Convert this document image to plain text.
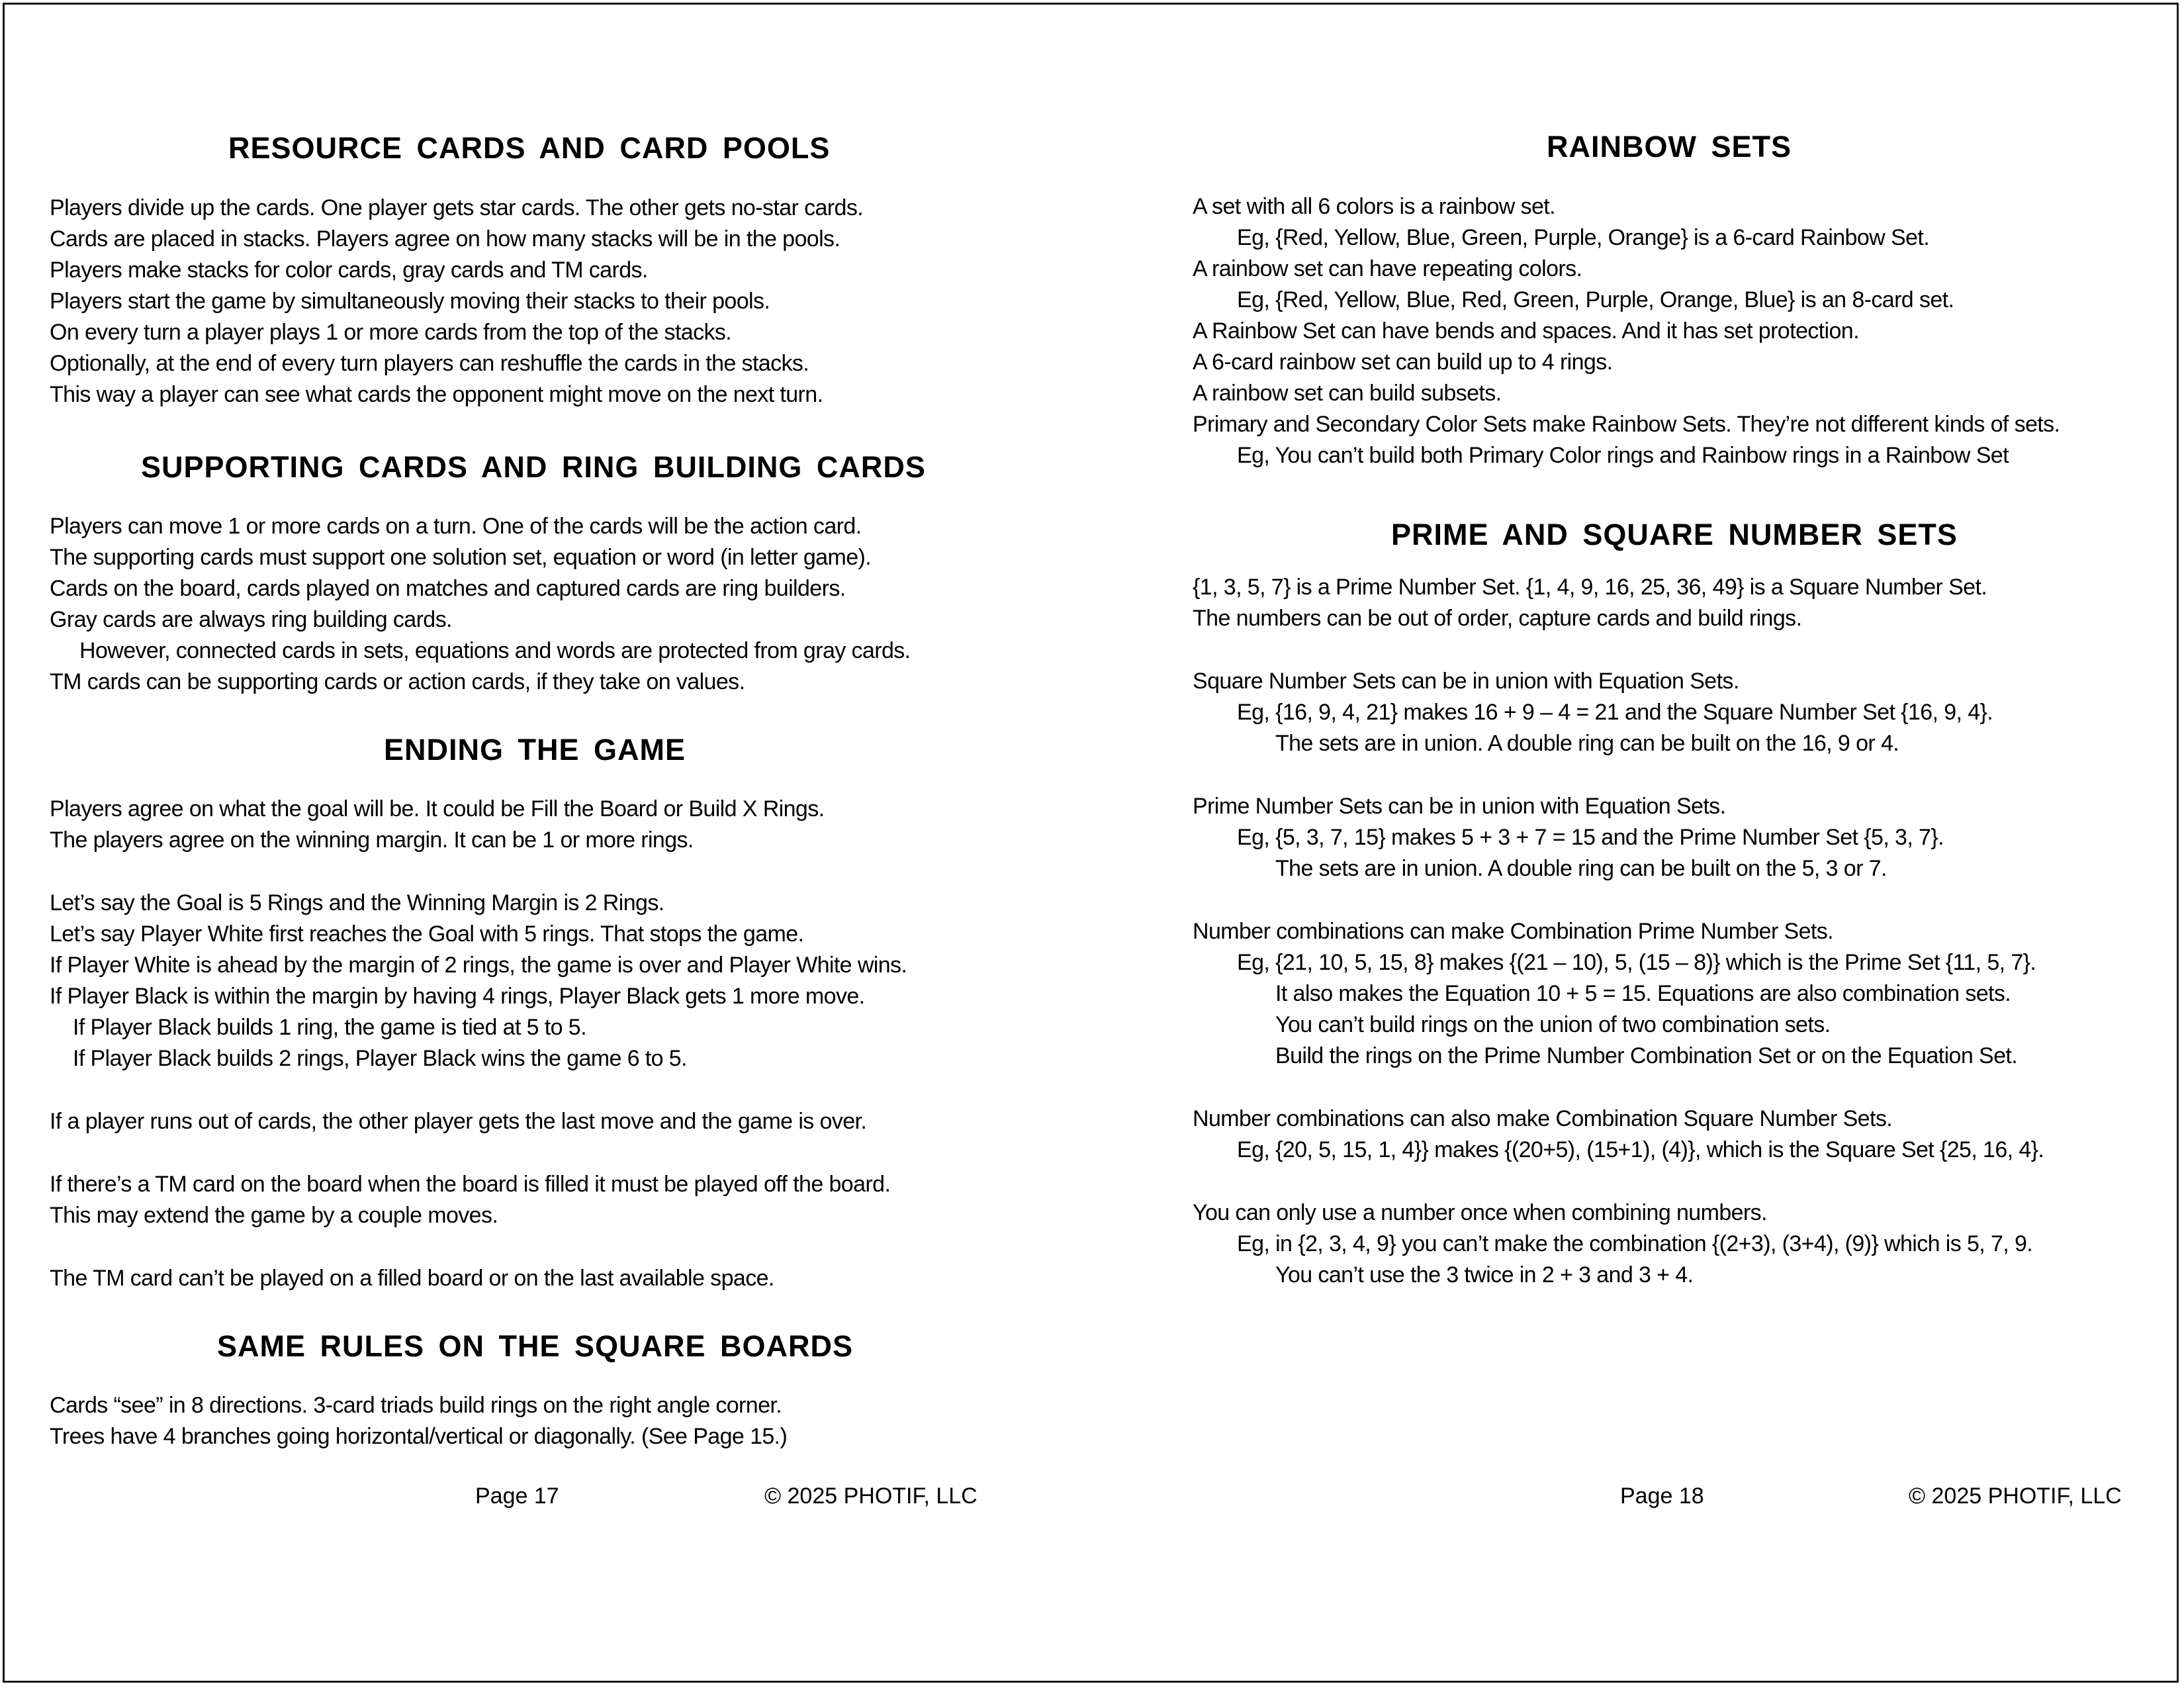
RESOURCE CARDS AND CARD POOLS

Players divide up the cards. One player gets star cards. The other gets no-star cards.

Cards are placed in stacks. Players agree on how many stacks will be in the pools.

Players make stacks for color cards, gray cards and TM cards.

Players start the game by simultaneously moving their stacks to their pools.

On every turn a player plays 1 or more cards from the top of the stacks.

Optionally, at the end of every turn players can reshuffle the cards in the stacks.

This way a player can see what cards the opponent might move on the next turn.

SUPPORTING CARDS AND RING BUILDING CARDS

Players can move 1 or more cards on a turn. One of the cards will be the action card.

The supporting cards must support one solution set, equation or word (in letter game).

Cards on the board, cards played on matches and captured cards are ring builders.

Gray cards are always ring building cards.

However, connected cards in sets, equations and words are protected from gray cards.

TM cards can be supporting cards or action cards, if they take on values.

ENDING THE GAME

Players agree on what the goal will be. It could be Fill the Board or Build X Rings.

The players agree on the winning margin. It can be 1 or more rings.

Let’s say the Goal is 5 Rings and the Winning Margin is 2 Rings.

Let’s say Player White first reaches the Goal with 5 rings. That stops the game.

If Player White is ahead by the margin of 2 rings, the game is over and Player White wins.

If Player Black is within the margin by having 4 rings, Player Black gets 1 more move.

If Player Black builds 1 ring, the game is tied at 5 to 5.

If Player Black builds 2 rings, Player Black wins the game 6 to 5.

If a player runs out of cards, the other player gets the last move and the game is over.

If there’s a TM card on the board when the board is filled it must be played off the board.

This may extend the game by a couple moves.

The TM card can’t be played on a filled board or on the last available space.

SAME RULES ON THE SQUARE BOARDS

Cards “see” in 8 directions. 3-card triads build rings on the right angle corner.

Trees have 4 branches going horizontal/vertical or diagonally. (See Page 15.)

Page 17	© 2025 PHOTIF, LLC
RAINBOW SETS

A set with all 6 colors is a rainbow set.

Eg, {Red, Yellow, Blue, Green, Purple, Orange} is a 6-card Rainbow Set.

A rainbow set can have repeating colors.

Eg, {Red, Yellow, Blue, Red, Green, Purple, Orange, Blue} is an 8-card set.

A Rainbow Set can have bends and spaces. And it has set protection.

A 6-card rainbow set can build up to 4 rings.

A rainbow set can build subsets.

Primary and Secondary Color Sets make Rainbow Sets. They’re not different kinds of sets.

Eg, You can’t build both Primary Color rings and Rainbow rings in a Rainbow Set

PRIME AND SQUARE NUMBER SETS

{1, 3, 5, 7} is a Prime Number Set. {1, 4, 9, 16, 25, 36, 49} is a Square Number Set.

The numbers can be out of order, capture cards and build rings.

Square Number Sets can be in union with Equation Sets.

Eg, {16, 9, 4, 21} makes 16 + 9 – 4 = 21 and the Square Number Set {16, 9, 4}.

The sets are in union. A double ring can be built on the 16, 9 or 4.

Prime Number Sets can be in union with Equation Sets.

Eg, {5, 3, 7, 15} makes 5 + 3 + 7 = 15 and the Prime Number Set {5, 3, 7}.

The sets are in union. A double ring can be built on the 5, 3 or 7.

Number combinations can make Combination Prime Number Sets.

Eg, {21, 10, 5, 15, 8} makes {(21 – 10), 5, (15 – 8)} which is the Prime Set {11, 5, 7}.

It also makes the Equation 10 + 5 = 15. Equations are also combination sets.

You can’t build rings on the union of two combination sets.

Build the rings on the Prime Number Combination Set or on the Equation Set.

Number combinations can also make Combination Square Number Sets.

Eg, {20, 5, 15, 1, 4}} makes {(20+5), (15+1), (4)}, which is the Square Set {25, 16, 4}.

You can only use a number once when combining numbers.

Eg, in {2, 3, 4, 9} you can’t make the combination {(2+3), (3+4), (9)} which is 5, 7, 9.

You can’t use the 3 twice in 2 + 3 and 3 + 4.

Page 18	© 2025 PHOTIF, LLC
